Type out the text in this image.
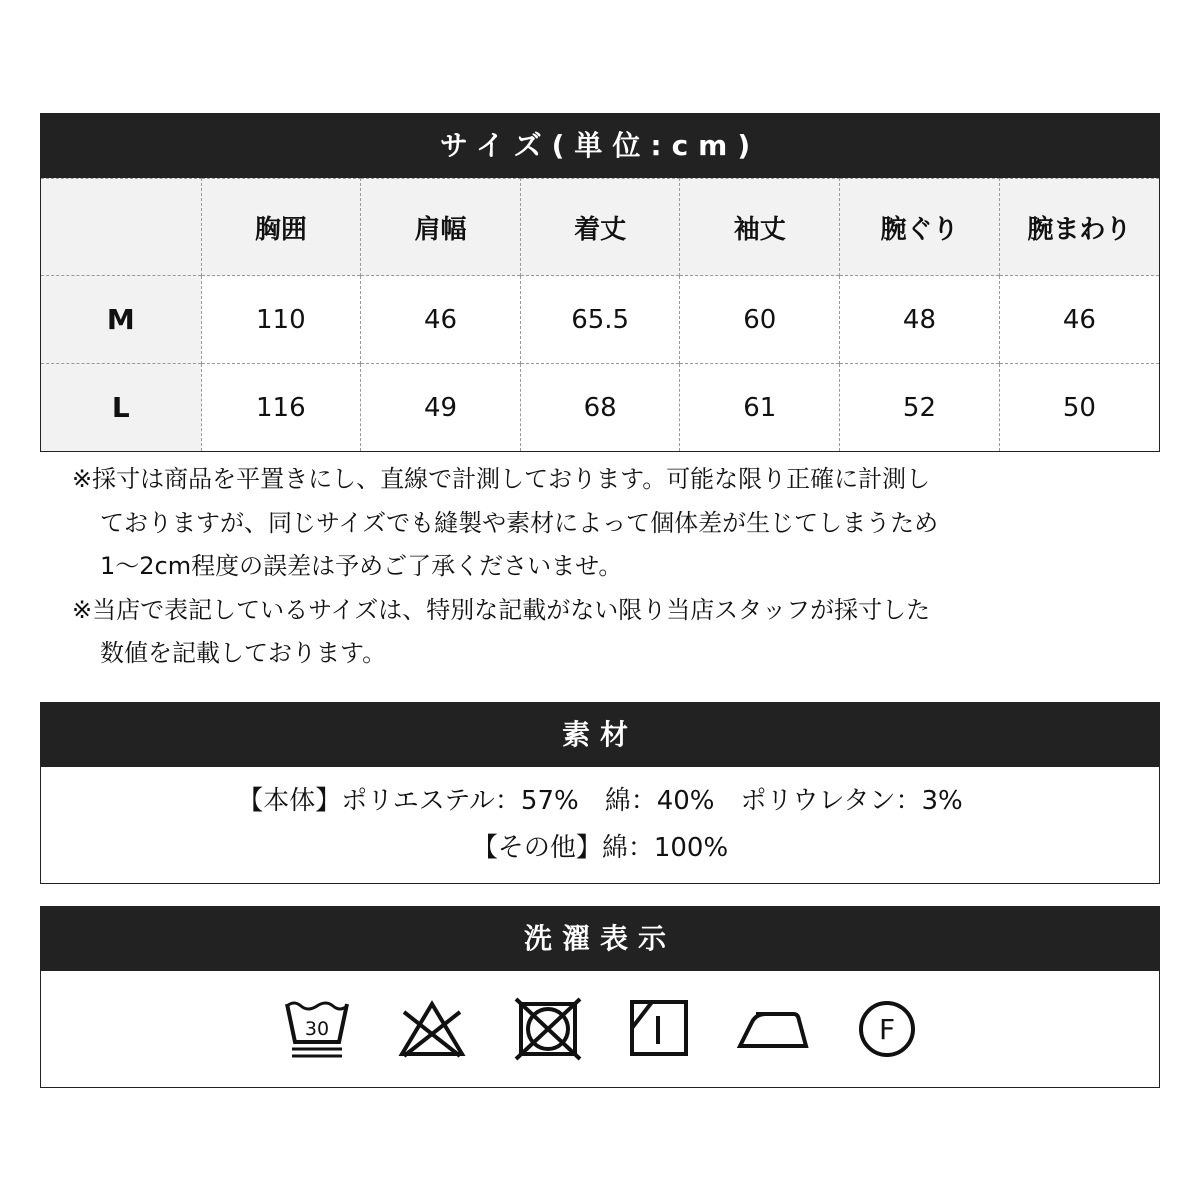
サイズ(単位:cm)
	胸囲	肩幅	着丈	袖丈	腕ぐり	腕まわり
M	110	46	65.5	60	48	46
L	116	49	68	61	52	50

※採寸は商品を平置きにし、直線で計測しております。可能な限り正確に計測し
ておりますが、同じサイズでも縫製や素材によって個体差が生じてしまうため
1～2cm程度の誤差は予めご了承くださいませ。

※当店で表記しているサイズは、特別な記載がない限り当店スタッフが採寸した
数値を記載しております。

素材
【本体】ポリエステル：57%　綿：40%　ポリウレタン：3%
【その他】綿：100%
洗濯表示
30	F
